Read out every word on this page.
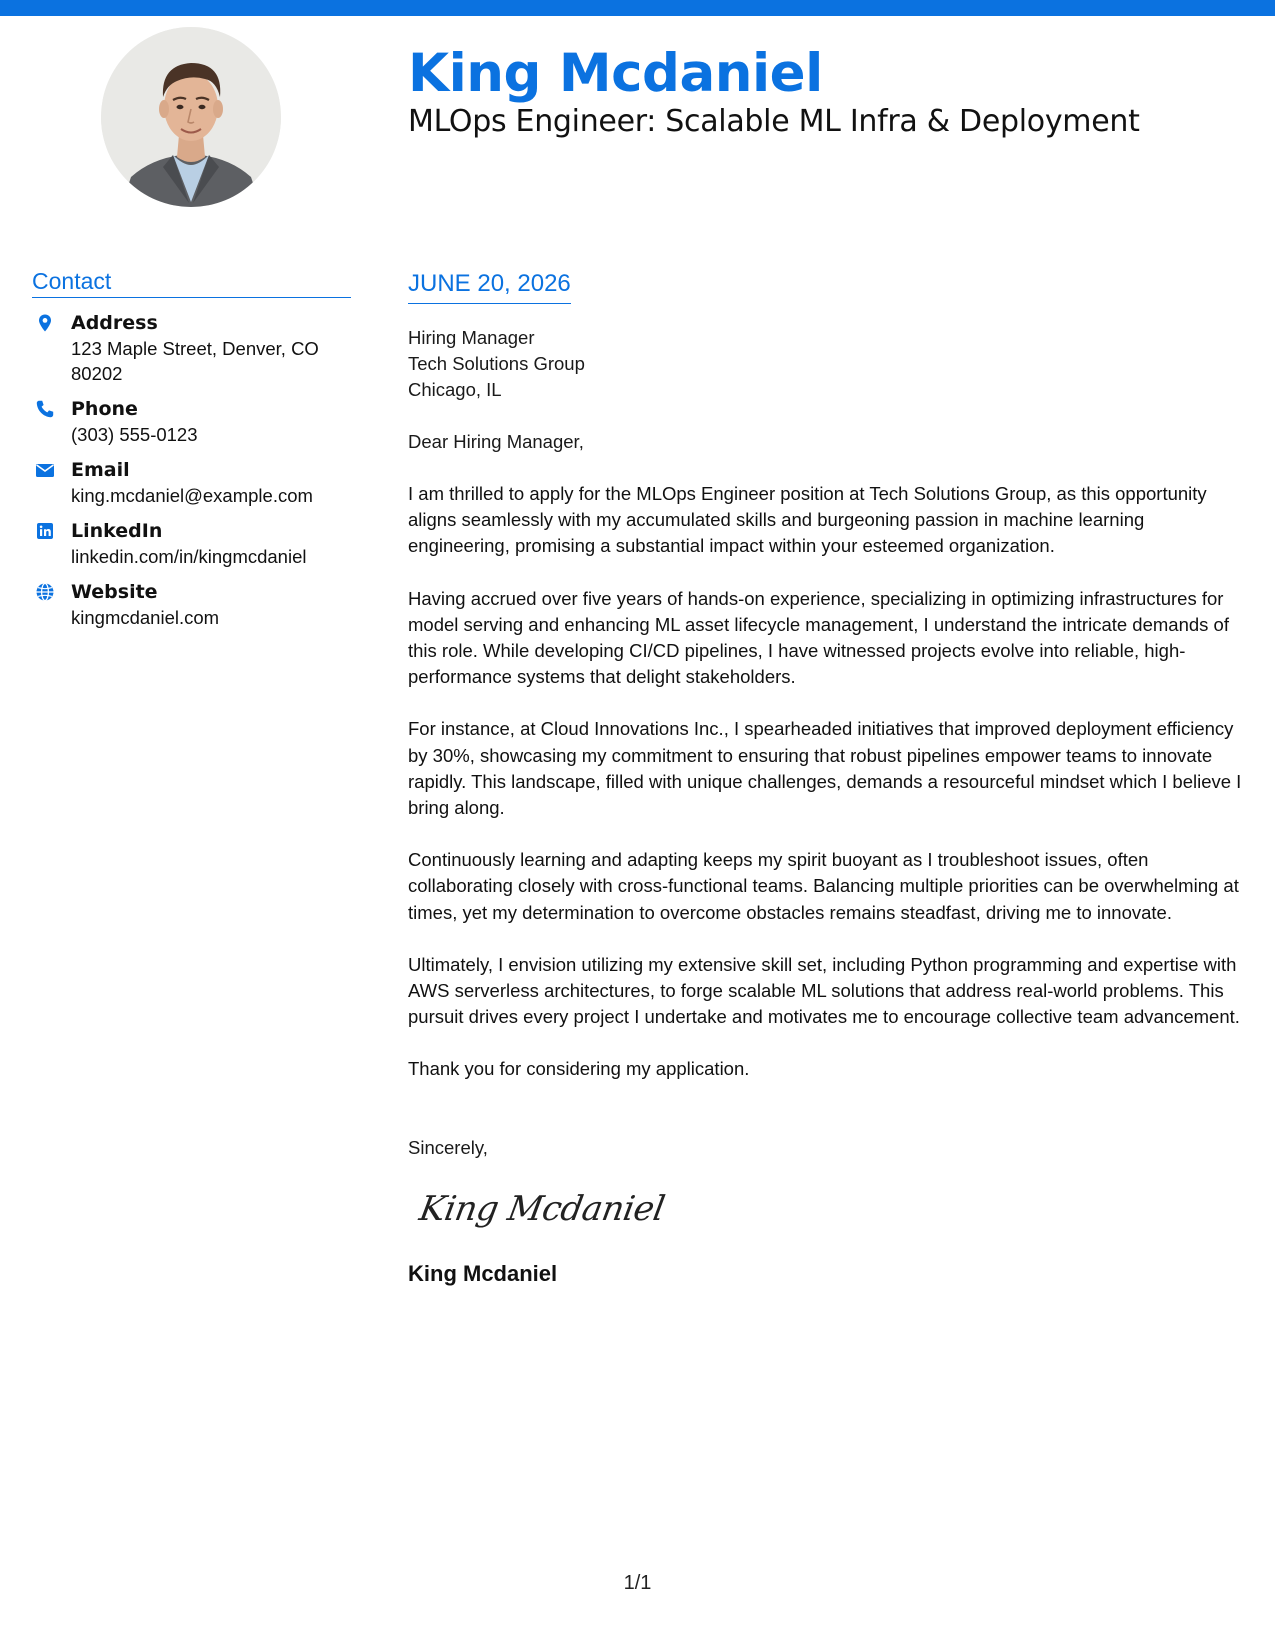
King Mcdaniel
MLOps Engineer: Scalable ML Infra & Deployment
Contact
Address
123 Maple Street, Denver, CO 80202
Phone
(303) 555-0123
Email
king.mcdaniel@example.com
LinkedIn
linkedin.com/in/kingmcdaniel
Website
kingmcdaniel.com
JUNE 20, 2026
Hiring Manager
Tech Solutions Group
Chicago, IL
Dear Hiring Manager,

I am thrilled to apply for the MLOps Engineer position at Tech Solutions Group, as this opportunity aligns seamlessly with my accumulated skills and burgeoning passion in machine learning engineering, promising a substantial impact within your esteemed organization.

Having accrued over five years of hands-on experience, specializing in optimizing infrastructures for model serving and enhancing ML asset lifecycle management, I understand the intricate demands of this role. While developing CI/CD pipelines, I have witnessed projects evolve into reliable, high-performance systems that delight stakeholders.

For instance, at Cloud Innovations Inc., I spearheaded initiatives that improved deployment efficiency by 30%, showcasing my commitment to ensuring that robust pipelines empower teams to innovate rapidly. This landscape, filled with unique challenges, demands a resourceful mindset which I believe I bring along.

Continuously learning and adapting keeps my spirit buoyant as I troubleshoot issues, often collaborating closely with cross-functional teams. Balancing multiple priorities can be overwhelming at times, yet my determination to overcome obstacles remains steadfast, driving me to innovate.

Ultimately, I envision utilizing my extensive skill set, including Python programming and expertise with AWS serverless architectures, to forge scalable ML solutions that address real-world problems. This pursuit drives every project I undertake and motivates me to encourage collective team advancement.

Thank you for considering my application.

Sincerely,
King Mcdaniel
King Mcdaniel
1/1
